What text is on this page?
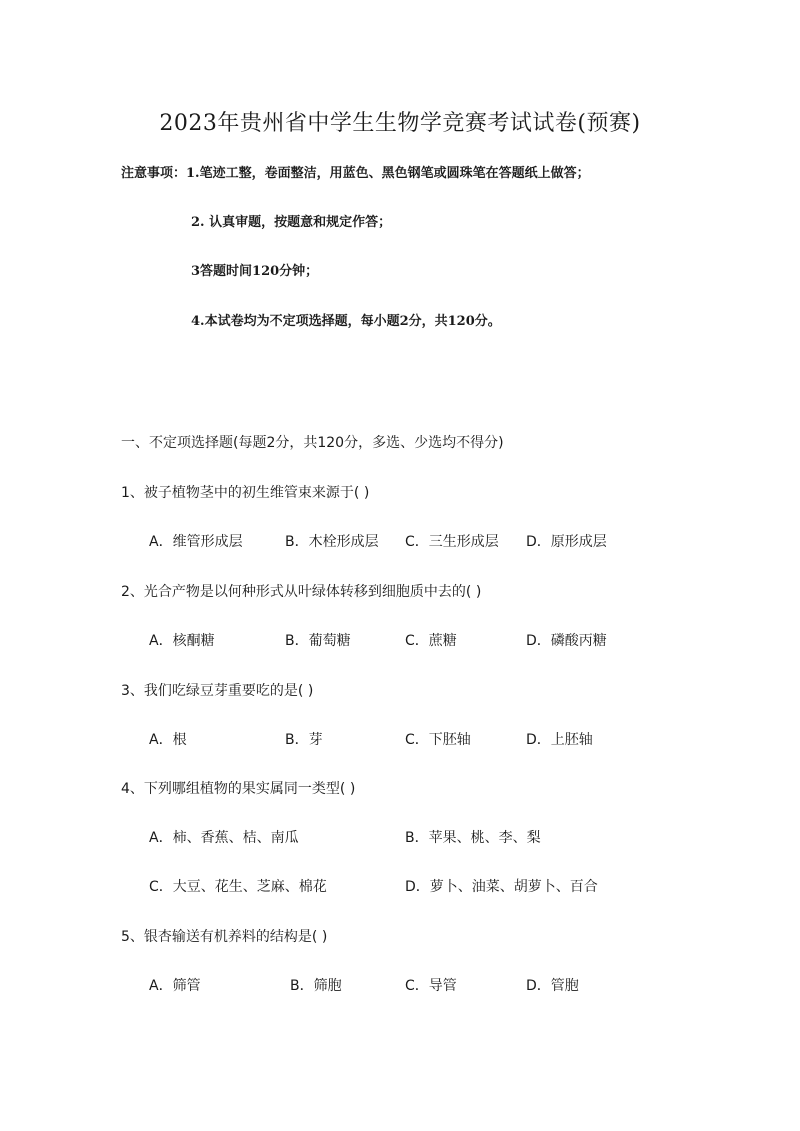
2023年贵州省中学生生物学竞赛考试试卷(预赛)
注意事项：1.笔迹工整，卷面整洁，用蓝色、黑色钢笔或圆珠笔在答题纸上做答；
2. 认真审题，按题意和规定作答；
3答题时间120分钟；
4.本试卷均为不定项选择题，每小题2分，共120分。
一、不定项选择题(每题2分，共120分，多选、少选均不得分)
1、被子植物茎中的初生维管束来源于( )
A．维管形成层	B．木栓形成层 C．三生形成层 D．原形成层
2、光合产物是以何种形式从叶绿体转移到细胞质中去的( )
A．核酮糖	B．葡萄糖	C．蔗糖	D．磷酸丙糖
3、我们吃绿豆芽重要吃的是( )
A．根	B．芽	C．下胚轴	D．上胚轴
4、下列哪组植物的果实属同一类型( )
A．柿、香蕉、桔、南瓜	B．苹果、桃、李、梨
C．大豆、花生、芝麻、棉花	D．萝卜、油菜、胡萝卜、百合
5、银杏输送有机养料的结构是( )
A．筛管	B．筛胞	C．导管	D．管胞
